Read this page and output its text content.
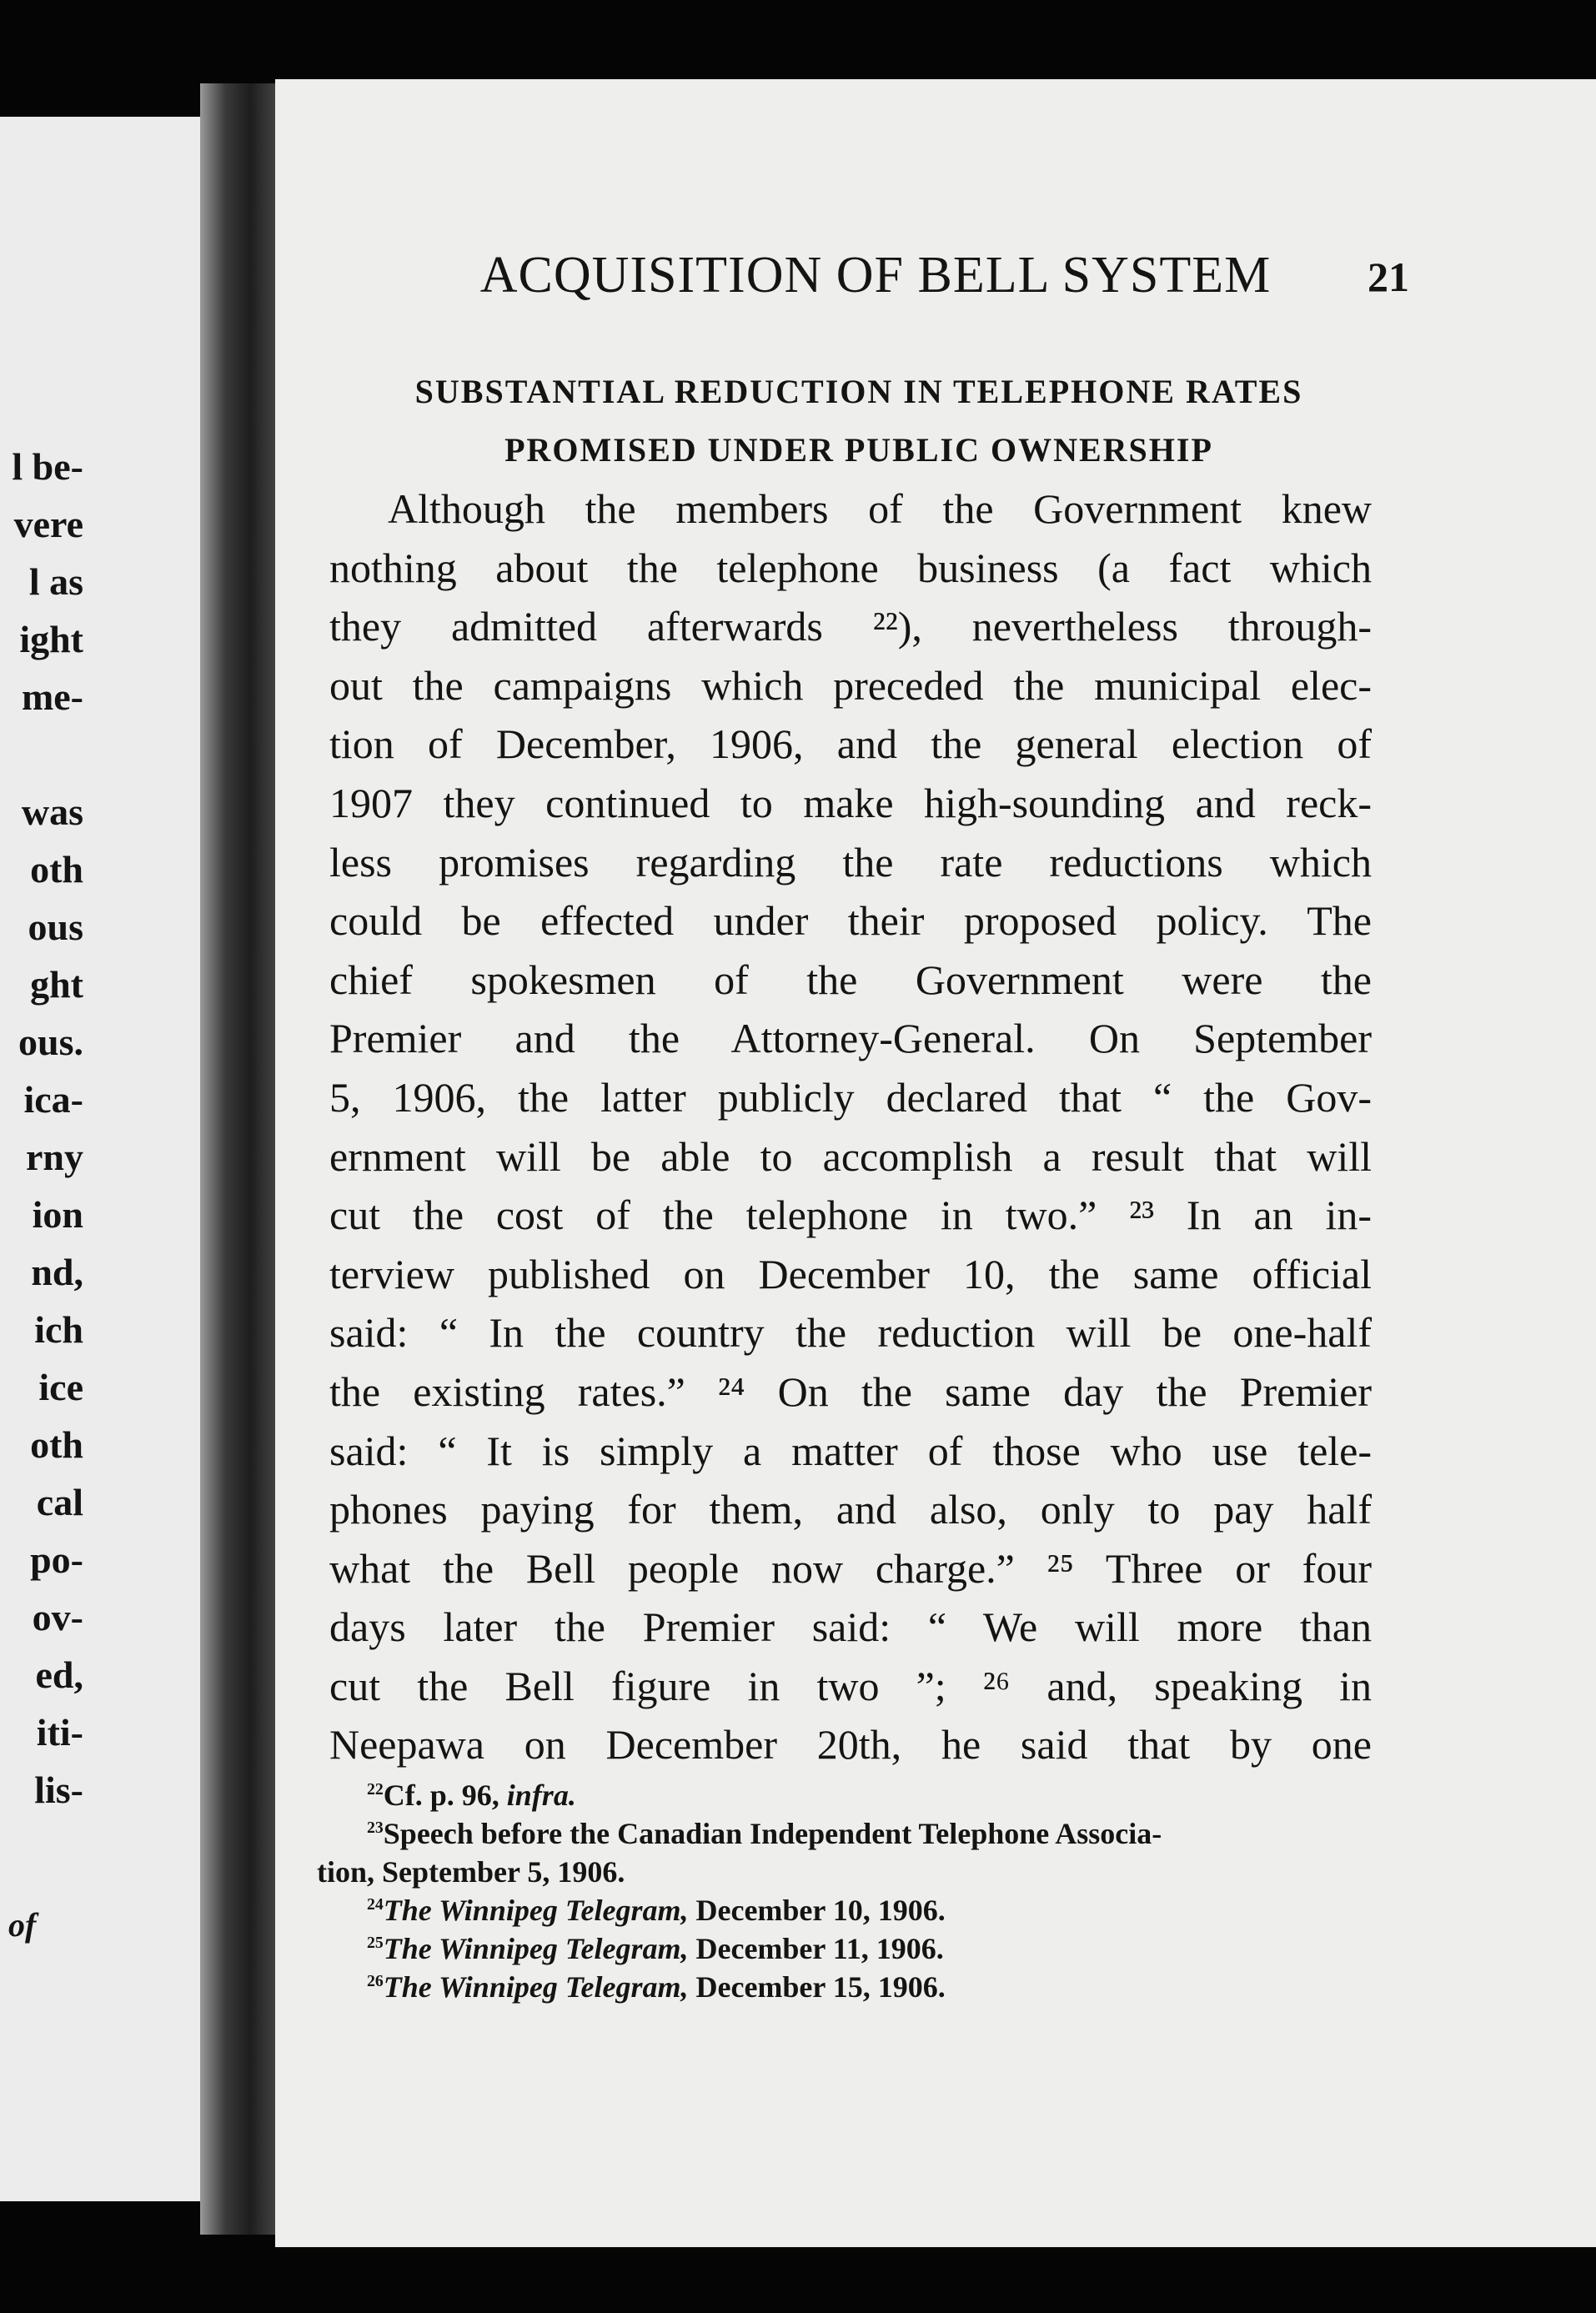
l be-
vere
l as
ight
me-
was
oth
ous
ght
ous.
ica-
rny
ion
nd,
ich
ice
oth
cal
po-
ov-
ed,
iti-
lis-
of
ACQUISITION OF BELL SYSTEM	21
SUBSTANTIAL REDUCTION IN TELEPHONE RATES
PROMISED UNDER PUBLIC OWNERSHIP

Although the members of the Government knew
nothing about the telephone business (a fact which
they admitted afterwards ²²), nevertheless through-
out the campaigns which preceded the municipal elec-
tion of December, 1906, and the general election of
1907 they continued to make high-sounding and reck-
less promises regarding the rate reductions which
could be effected under their proposed policy. The
chief spokesmen of the Government were the
Premier and the Attorney-General. On September
5, 1906, the latter publicly declared that “ the Gov-
ernment will be able to accomplish a result that will
cut the cost of the telephone in two.” ²³ In an in-
terview published on December 10, the same official
said: “ In the country the reduction will be one-half
the existing rates.” ²⁴ On the same day the Premier
said: “ It is simply a matter of those who use tele-
phones paying for them, and also, only to pay half
what the Bell people now charge.” ²⁵ Three or four
days later the Premier said: “ We will more than
cut the Bell figure in two ”; ²⁶ and, speaking in
Neepawa on December 20th, he said that by one

$^{22}$Cf. p. 96, infra.
$^{23}$Speech before the Canadian Independent Telephone Associa-
tion, September 5, 1906.
$^{24}$The Winnipeg Telegram, December 10, 1906.
$^{25}$The Winnipeg Telegram, December 11, 1906.
$^{26}$The Winnipeg Telegram, December 15, 1906.
